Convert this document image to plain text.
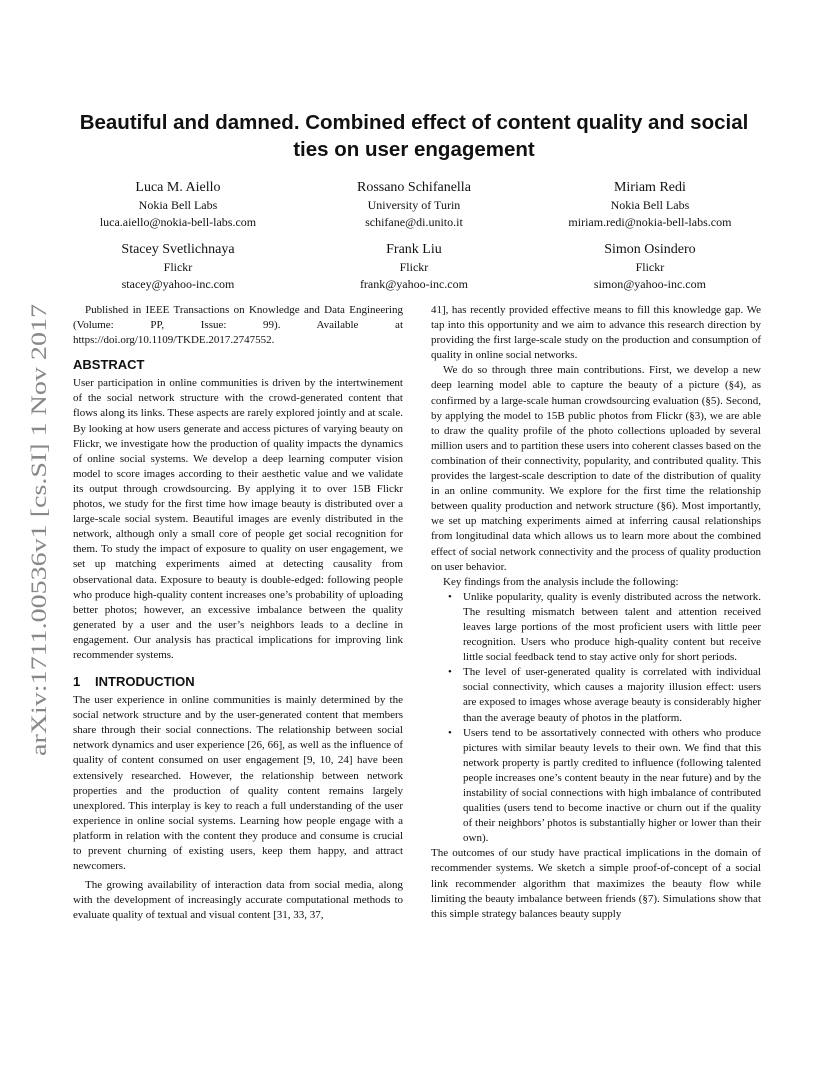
Beautiful and damned. Combined effect of content quality and social ties on user engagement
Luca M. Aiello
Nokia Bell Labs
luca.aiello@nokia-bell-labs.com
Rossano Schifanella
University of Turin
schifane@di.unito.it
Miriam Redi
Nokia Bell Labs
miriam.redi@nokia-bell-labs.com
Stacey Svetlichnaya
Flickr
stacey@yahoo-inc.com
Frank Liu
Flickr
frank@yahoo-inc.com
Simon Osindero
Flickr
simon@yahoo-inc.com
arXiv:1711.00536v1 [cs.SI] 1 Nov 2017

Published in IEEE Transactions on Knowledge and Data Engineering (Volume: PP, Issue: 99). Available at https://doi.org/10.1109/TKDE.2017.2747552.

ABSTRACT

User participation in online communities is driven by the intertwinement of the social network structure with the crowd-generated content that flows along its links. These aspects are rarely explored jointly and at scale. By looking at how users generate and access pictures of varying beauty on Flickr, we investigate how the production of quality impacts the dynamics of online social systems. We develop a deep learning computer vision model to score images according to their aesthetic value and we validate its output through crowdsourcing. By applying it to over 15B Flickr photos, we study for the first time how image beauty is distributed over a large-scale social system. Beautiful images are evenly distributed in the network, although only a small core of people get social recognition for them. To study the impact of exposure to quality on user engagement, we set up matching experiments aimed at detecting causality from observational data. Exposure to beauty is double-edged: following people who produce high-quality content increases one’s probability of uploading better photos; however, an excessive imbalance between the quality generated by a user and the user’s neighbors leads to a decline in engagement. Our analysis has practical implications for improving link recommender systems.

1 INTRODUCTION

The user experience in online communities is mainly determined by the social network structure and by the user-generated content that members share through their social connections. The relationship between social network dynamics and user experience [26, 66], as well as the influence of quality of content consumed on user engagement [9, 10, 24] have been extensively researched. However, the relationship between network properties and the production of quality content remains largely unexplored. This interplay is key to reach a full understanding of the user experience in online social systems. Learning how people engage with a platform in relation with the content they produce and consume is crucial to prevent churning of existing users, keep them happy, and attract newcomers.

The growing availability of interaction data from social media, along with the development of increasingly accurate computational methods to evaluate quality of textual and visual content [31, 33, 37,

41], has recently provided effective means to fill this knowledge gap. We tap into this opportunity and we aim to advance this research direction by providing the first large-scale study on the production and consumption of quality in online social networks.

We do so through three main contributions. First, we develop a new deep learning model able to capture the beauty of a picture (§4), as confirmed by a large-scale human crowdsourcing evaluation (§5). Second, by applying the model to 15B public photos from Flickr (§3), we are able to draw the quality profile of the photo collections uploaded by several million users and to partition these users into coherent classes based on the combination of their connectivity, popularity, and contributed quality. This provides the largest-scale description to date of the distribution of quality in an online community. We explore for the first time the relationship between quality production and network structure (§6). Most importantly, we set up matching experiments aimed at inferring causal relationships from longitudinal data which allows us to learn more about the combined effect of social network connectivity and the process of quality production on user behavior.

Key findings from the analysis include the following:

• Unlike popularity, quality is evenly distributed across the network. The resulting mismatch between talent and attention received leaves large portions of the most proficient users with little peer recognition. Users who produce high-quality content but receive little social feedback tend to stay active only for short periods.
• The level of user-generated quality is correlated with individual social connectivity, which causes a majority illusion effect: users are exposed to images whose average beauty is considerably higher than the average beauty of photos in the platform.
• Users tend to be assortatively connected with others who produce pictures with similar beauty levels to their own. We find that this network property is partly credited to influence (following talented people increases one’s content beauty in the near future) and by the instability of social connections with high imbalance of contributed qualities (users tend to become inactive or churn out if the quality of their neighbors’ photos is substantially higher or lower than their own).

The outcomes of our study have practical implications in the domain of recommender systems. We sketch a simple proof-of-concept of a social link recommender algorithm that maximizes the beauty flow while limiting the beauty imbalance between friends (§7). Simulations show that this simple strategy balances beauty supply
